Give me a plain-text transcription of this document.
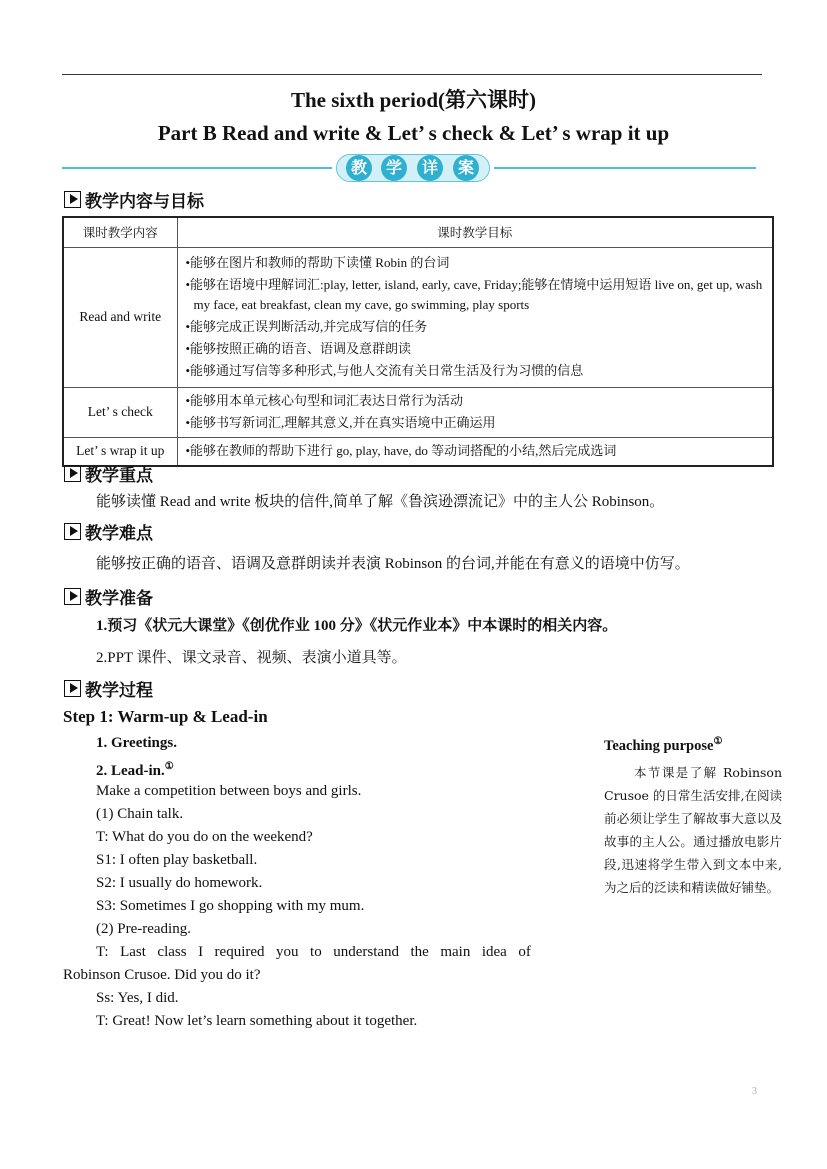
The sixth period(第六课时)
Part B Read and write & Let’ s check & Let’ s wrap it up
教	学	详	案
教学内容与目标
课时教学内容	课时教学目标
Read and write	•能够在图片和教师的帮助下读懂 Robin 的台词
•能够在语境中理解词汇:play, letter, island, early, cave, Friday;能够在情境中运用短语 live on, get up, wash my face, eat breakfast, clean my cave, go swimming, play sports
•能够完成正误判断活动,并完成写信的任务
•能够按照正确的语音、语调及意群朗读
•能够通过写信等多种形式,与他人交流有关日常生活及行为习惯的信息

Let’ s check	•能够用本单元核心句型和词汇表达日常行为活动
•能够书写新词汇,理解其意义,并在真实语境中正确运用

Let’ s wrap it up	•能够在教师的帮助下进行 go, play, have, do 等动词搭配的小结,然后完成选词
教学重点
能够读懂 Read and write 板块的信件,简单了解《鲁滨逊漂流记》中的主人公 Robinson。
教学难点
能够按正确的语音、语调及意群朗读并表演 Robinson 的台词,并能在有意义的语境中仿写。
教学准备
1.预习《状元大课堂》《创优作业 100 分》《状元作业本》中本课时的相关内容。
2.PPT 课件、课文录音、视频、表演小道具等。
教学过程
Step 1: Warm-up & Lead-in
1. Greetings.
2. Lead-in.①
Make a competition between boys and girls.
(1) Chain talk.
T: What do you do on the weekend?
S1: I often play basketball.
S2: I usually do homework.
S3: Sometimes I go shopping with my mum.
(2) Pre-reading.
T:  Last  class  I  required  you  to  understand  the  main  idea  of
Robinson Crusoe. Did you do it?
Ss: Yes, I did.
T: Great! Now let’s learn something about it together.
Teaching purpose①
本节课是了解 Robinson Crusoe 的日常生活安排,在阅读前必须让学生了解故事大意以及故事的主人公。通过播放电影片段,迅速将学生带入到文本中来,为之后的泛读和精读做好铺垫。
3
